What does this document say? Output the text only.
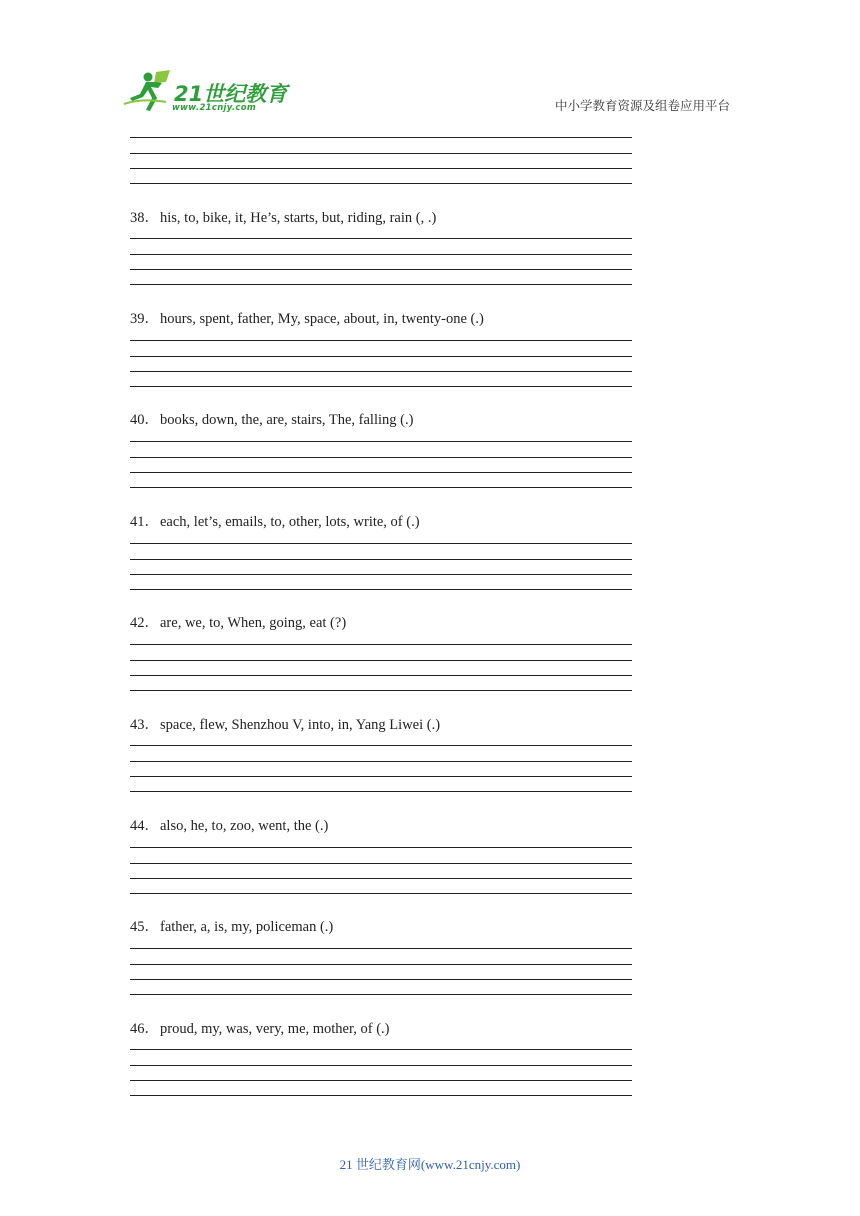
21世纪教育
www.21cnjy.com	中小学教育资源及组卷应用平台
38．his, to, bike, it, He’s, starts, but, riding, rain (, .)
39．hours, spent, father, My, space, about, in, twenty-one (.)
40．books, down, the, are, stairs, The, falling (.)
41．each, let’s, emails, to, other, lots, write, of (.)
42．are, we, to, When, going, eat (?)
43．space, flew, Shenzhou V, into, in, Yang Liwei (.)
44．also, he, to, zoo, went, the (.)
45．father, a, is, my, policeman (.)
46．proud, my, was, very, me, mother, of (.)
21 世纪教育网(www.21cnjy.com)
